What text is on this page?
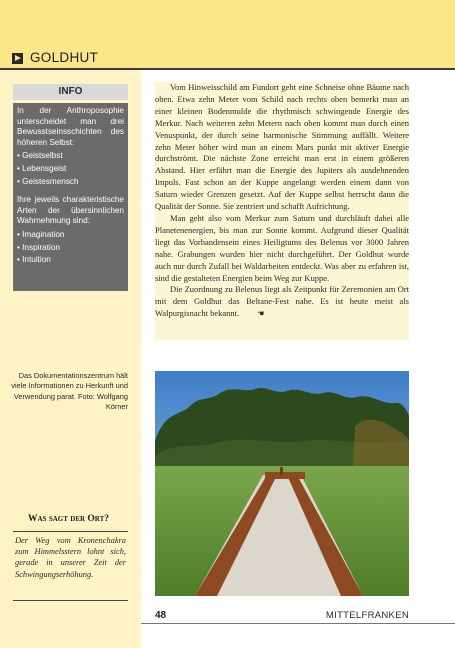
GOLDHUT
INFO

In der Anthroposophie unterscheidet man drei Bewusstseinsschichten des höheren Selbst:

• Geistselbst
• Lebensgeist
• Geistesmensch

Ihre jeweils charakteristische Arten der übersinnlichen Wahrnehmung sind:

• Imagination
• Inspiration
• Intuition

Vom Hinweisschild am Fundort geht eine Schneise ohne Bäume nach oben. Etwa zehn Meter vom Schild nach rechts oben bemerkt man an einer kleinen Bodenmulde die rhythmisch schwingende Energie des Merkur. Nach weiteren zehn Metern nach oben kommt man durch einen Venuspunkt, der durch seine harmonische Stimmung auffällt. Weitere zehn Meter höher wird man an einem Mars punkt mit aktiver Energie durchströmt. Die nächste Zone erreicht man erst in einem größeren Abstand. Hier erfährt man die Energie des Jupiters als ausdehnenden Impuls. Fast schon an der Kuppe angelangt werden einem dann von Saturn wieder Grenzen gesetzt. Auf der Kuppe selbst herrscht dann die Qualität der Sonne. Sie zentriert und schafft Aufrichtung.

Man geht also vom Merkur zum Saturn und durchläuft dabei alle Planetenenergien, bis man zur Sonne kommt. Aufgrund dieser Qualität liegt das Vorhandensein eines Heiligtums des Belenus vor 3000 Jahren nahe. Grabungen wurden hier nicht durchgeführt. Der Goldhut wurde auch nur durch Zufall bei Waldarbeiten entdeckt. Was aber zu erfahren ist, sind die gestalteten Energien beim Weg zur Kuppe.

Die Zuordnung zu Belenus liegt als Zeitpunkt für Zeremonien am Ort mit dem Goldhut das Beltane-Fest nahe. Es ist heute meist als Walpurgisnacht bekannt. ☚

Das Dokumentationszentrum hält viele Informationen zu Herkunft und Verwendung parat. Foto: Wolfgang Körner
Was sagt der Ort?
Der Weg vom Kronenchakra zum Himmelsstern lohnt sich, gerade in unserer Zeit der Schwingungserhöhung.
48	MITTELFRANKEN
